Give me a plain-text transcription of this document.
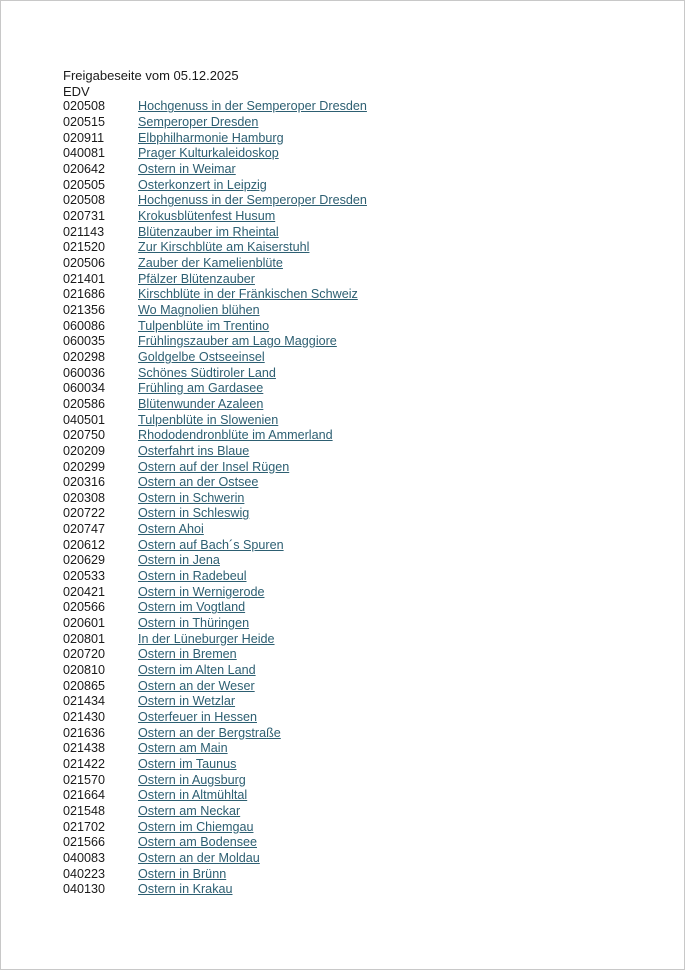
Freigabeseite vom 05.12.2025
EDV
020508	Hochgenuss in der Semperoper Dresden
020515	Semperoper Dresden
020911	Elbphilharmonie Hamburg
040081	Prager Kulturkaleidoskop
020642	Ostern in Weimar
020505	Osterkonzert in Leipzig
020508	Hochgenuss in der Semperoper Dresden
020731	Krokusblütenfest Husum
021143	Blütenzauber im Rheintal
021520	Zur Kirschblüte am Kaiserstuhl
020506	Zauber der Kamelienblüte
021401	Pfälzer Blütenzauber
021686	Kirschblüte in der Fränkischen Schweiz
021356	Wo Magnolien blühen
060086	Tulpenblüte im Trentino
060035	Frühlingszauber am Lago Maggiore
020298	Goldgelbe Ostseeinsel
060036	Schönes Südtiroler Land
060034	Frühling am Gardasee
020586	Blütenwunder Azaleen
040501	Tulpenblüte in Slowenien
020750	Rhododendronblüte im Ammerland
020209	Osterfahrt ins Blaue
020299	Ostern auf der Insel Rügen
020316	Ostern an der Ostsee
020308	Ostern in Schwerin
020722	Ostern in Schleswig
020747	Ostern Ahoi
020612	Ostern auf Bach´s Spuren
020629	Ostern in Jena
020533	Ostern in Radebeul
020421	Ostern in Wernigerode
020566	Ostern im Vogtland
020601	Ostern in Thüringen
020801	In der Lüneburger Heide
020720	Ostern in Bremen
020810	Ostern im Alten Land
020865	Ostern an der Weser
021434	Ostern in Wetzlar
021430	Osterfeuer in Hessen
021636	Ostern an der Bergstraße
021438	Ostern am Main
021422	Ostern im Taunus
021570	Ostern in Augsburg
021664	Ostern in Altmühltal
021548	Ostern am Neckar
021702	Ostern im Chiemgau
021566	Ostern am Bodensee
040083	Ostern an der Moldau
040223	Ostern in Brünn
040130	Ostern in Krakau
